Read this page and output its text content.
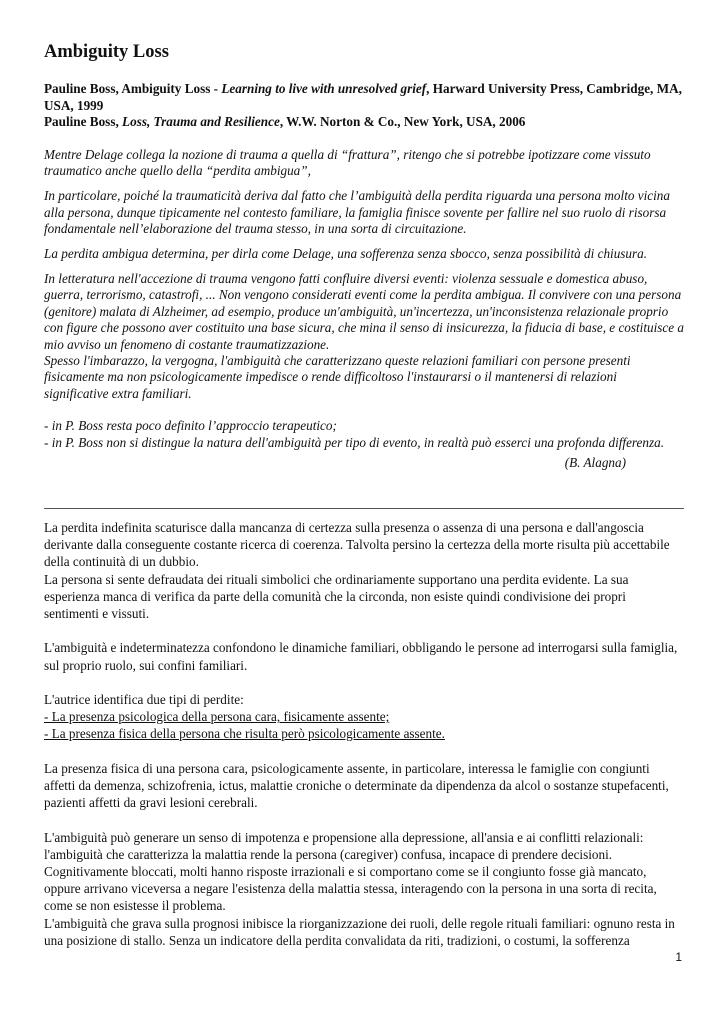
Ambiguity Loss

Pauline Boss, Ambiguity Loss - Learning to live with unresolved grief, Harward University Press, Cambridge, MA, USA, 1999

Pauline Boss, Loss, Trauma and Resilience, W.W. Norton & Co., New York, USA, 2006

Mentre Delage collega la nozione di trauma a quella di “frattura”, ritengo che si potrebbe ipotizzare come vissuto traumatico anche quello della “perdita ambigua”,

In particolare, poiché la traumaticità deriva dal fatto che l’ambiguità della perdita riguarda una persona molto vicina alla persona, dunque tipicamente nel contesto familiare, la famiglia finisce sovente per fallire nel suo ruolo di risorsa fondamentale nell’elaborazione del trauma stesso, in una sorta di circuitazione.

La perdita ambigua determina, per dirla come Delage, una sofferenza senza sbocco, senza possibilità di chiusura.

In letteratura nell'accezione di trauma vengono fatti confluire diversi eventi: violenza sessuale e domestica abuso, guerra, terrorismo, catastrofi, ... Non vengono considerati eventi come la perdita ambigua. Il convivere con una persona (genitore) malata di Alzheimer, ad esempio, produce un'ambiguità, un'incertezza, un'inconsistenza relazionale proprio con figure che possono aver costituito una base sicura, che mina il senso di insicurezza, la fiducia di base, e costituisce a mio avviso un fenomeno di costante traumatizzazione.

Spesso l'imbarazzo, la vergogna, l'ambiguità che caratterizzano queste relazioni familiari con persone presenti fisicamente ma non psicologicamente impedisce o rende difficoltoso l'instaurarsi o il mantenersi di relazioni significative extra familiari.

- in P. Boss resta poco definito l’approccio terapeutico;

- in P. Boss non si distingue la natura dell'ambiguità per tipo di evento, in realtà può esserci una profonda differenza.

(B. Alagna)

La perdita indefinita scaturisce dalla mancanza di certezza sulla presenza o assenza di una persona e dall'angoscia derivante dalla conseguente costante ricerca di coerenza. Talvolta persino la certezza della morte risulta più accettabile della continuità di un dubbio.

La persona si sente defraudata dei rituali simbolici che ordinariamente supportano una perdita evidente. La sua esperienza manca di verifica da parte della comunità che la circonda, non esiste quindi condivisione dei propri sentimenti e vissuti.

L'ambiguità e indeterminatezza confondono le dinamiche familiari, obbligando le persone ad interrogarsi sulla famiglia, sul proprio ruolo, sui confini familiari.

L'autrice identifica due tipi di perdite:

- La presenza psicologica della persona cara, fisicamente assente;

- La presenza fisica della persona che risulta però psicologicamente assente.

La presenza fisica di una persona cara, psicologicamente assente, in particolare, interessa le famiglie con congiunti affetti da demenza, schizofrenia, ictus, malattie croniche o determinate da dipendenza da alcol o sostanze stupefacenti, pazienti affetti da gravi lesioni cerebrali.

L'ambiguità può generare un senso di impotenza e propensione alla depressione, all'ansia e ai conflitti relazionali: l'ambiguità che caratterizza la malattia rende la persona (caregiver) confusa, incapace di prendere decisioni. Cognitivamente bloccati, molti hanno risposte irrazionali e si comportano come se il congiunto fosse già mancato, oppure arrivano viceversa a negare l'esistenza della malattia stessa, interagendo con la persona in una sorta di recita, come se non esistesse il problema.

L'ambiguità che grava sulla prognosi inibisce la riorganizzazione dei ruoli, delle regole rituali familiari: ognuno resta in una posizione di stallo. Senza un indicatore della perdita convalidata da riti, tradizioni, o costumi, la sofferenza

1
